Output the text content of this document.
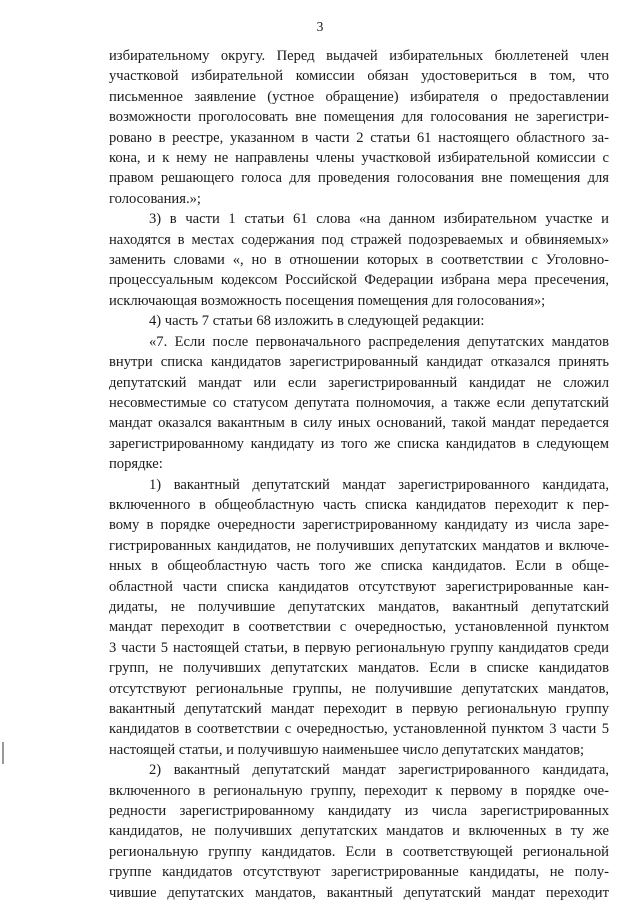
3
избирательному округу. Перед выдачей избирательных бюллетеней член
участковой избирательной комиссии обязан удостовериться в том, что
письменное заявление (устное обращение) избирателя о предоставлении
возможности проголосовать вне помещения для голосования не зарегистри-
ровано в реестре, указанном в части 2 статьи 61 настоящего областного за-
кона, и к нему не направлены члены участковой избирательной комиссии с
правом решающего голоса для проведения голосования вне помещения для
голосования.»;
3) в части 1 статьи 61 слова «на данном избирательном участке и
находятся в местах содержания под стражей подозреваемых и обвиняемых»
заменить словами «, но в отношении которых в соответствии с Уголовно-
процессуальным кодексом Российской Федерации избрана мера пресечения,
исключающая возможность посещения помещения для голосования»;
4) часть 7 статьи 68 изложить в следующей редакции:
«7. Если после первоначального распределения депутатских мандатов
внутри списка кандидатов зарегистрированный кандидат отказался принять
депутатский мандат или если зарегистрированный кандидат не сложил
несовместимые со статусом депутата полномочия, а также если депутатский
мандат оказался вакантным в силу иных оснований, такой мандат передается
зарегистрированному кандидату из того же списка кандидатов в следующем
порядке:
1) вакантный депутатский мандат зарегистрированного кандидата,
включенного в общеобластную часть списка кандидатов переходит к пер-
вому в порядке очередности зарегистрированному кандидату из числа заре-
гистрированных кандидатов, не получивших депутатских мандатов и включе-
нных в общеобластную часть того же списка кандидатов. Если в обще-
областной части списка кандидатов отсутствуют зарегистрированные кан-
дидаты, не получившие депутатских мандатов, вакантный депутатский
мандат переходит в соответствии с очередностью, установленной пунктом
3 части 5 настоящей статьи, в первую региональную группу кандидатов среди
групп, не получивших депутатских мандатов. Если в списке кандидатов
отсутствуют региональные группы, не получившие депутатских мандатов,
вакантный депутатский мандат переходит в первую региональную группу
кандидатов в соответствии с очередностью, установленной пунктом 3 части 5
настоящей статьи, и получившую наименьшее число депутатских мандатов;
2) вакантный депутатский мандат зарегистрированного кандидата,
включенного в региональную группу, переходит к первому в порядке оче-
редности зарегистрированному кандидату из числа зарегистрированных
кандидатов, не получивших депутатских мандатов и включенных в ту же
региональную группу кандидатов. Если в соответствующей региональной
группе кандидатов отсутствуют зарегистрированные кандидаты, не полу-
чившие депутатских мандатов, вакантный депутатский мандат переходит
